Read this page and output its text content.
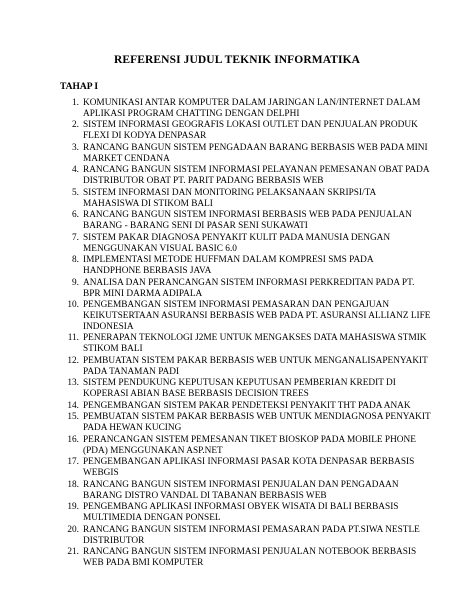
REFERENSI JUDUL TEKNIK INFORMATIKA
TAHAP I
1. KOMUNIKASI ANTAR KOMPUTER DALAM JARINGAN LAN/INTERNET DALAM APLIKASI PROGRAM CHATTING DENGAN DELPHI
2. SISTEM INFORMASI GEOGRAFIS LOKASI OUTLET DAN PENJUALAN PRODUK FLEXI DI KODYA DENPASAR
3. RANCANG BANGUN SISTEM PENGADAAN BARANG BERBASIS WEB PADA MINI MARKET CENDANA
4. RANCANG BANGUN SISTEM INFORMASI PELAYANAN PEMESANAN OBAT PADA DISTRIBUTOR OBAT PT. PARIT PADANG BERBASIS WEB
5. SISTEM INFORMASI DAN MONITORING PELAKSANAAN SKRIPSI/TA MAHASISWA DI STIKOM BALI
6. RANCANG BANGUN SISTEM INFORMASI BERBASIS WEB PADA PENJUALAN BARANG - BARANG SENI DI PASAR SENI SUKAWATI
7. SISTEM PAKAR DIAGNOSA PENYAKIT KULIT PADA MANUSIA DENGAN MENGGUNAKAN VISUAL BASIC 6.0
8. IMPLEMENTASI METODE HUFFMAN DALAM KOMPRESI SMS PADA HANDPHONE BERBASIS JAVA
9. ANALISA DAN PERANCANGAN SISTEM INFORMASI PERKREDITAN PADA PT. BPR MINI DARMA ADIPALA
10. PENGEMBANGAN SISTEM INFORMASI PEMASARAN DAN PENGAJUAN KEIKUTSERTAAN ASURANSI BERBASIS WEB PADA PT. ASURANSI ALLIANZ LIFE INDONESIA
11. PENERAPAN TEKNOLOGI J2ME UNTUK MENGAKSES DATA MAHASISWA STMIK STIKOM BALI
12. PEMBUATAN SISTEM PAKAR BERBASIS WEB UNTUK MENGANALISAPENYAKIT PADA TANAMAN PADI
13. SISTEM PENDUKUNG KEPUTUSAN KEPUTUSAN PEMBERIAN KREDIT DI KOPERASI ABIAN BASE BERBASIS DECISION TREES
14. PENGEMBANGAN SISTEM PAKAR PENDETEKSI PENYAKIT THT PADA ANAK
15. PEMBUATAN SISTEM PAKAR BERBASIS WEB UNTUK MENDIAGNOSA PENYAKIT PADA HEWAN KUCING
16. PERANCANGAN SISTEM PEMESANAN TIKET BIOSKOP PADA MOBILE PHONE (PDA) MENGGUNAKAN ASP.NET
17. PENGEMBANGAN APLIKASI INFORMASI PASAR KOTA DENPASAR BERBASIS WEBGIS
18. RANCANG BANGUN SISTEM INFORMASI PENJUALAN DAN PENGADAAN BARANG DISTRO VANDAL DI TABANAN BERBASIS WEB
19. PENGEMBANG APLIKASI INFORMASI OBYEK WISATA DI BALI BERBASIS MULTIMEDIA DENGAN PONSEL
20. RANCANG BANGUN SISTEM INFORMASI PEMASARAN PADA PT.SIWA NESTLE DISTRIBUTOR
21. RANCANG BANGUN SISTEM INFORMASI PENJUALAN NOTEBOOK BERBASIS WEB PADA BMI KOMPUTER
